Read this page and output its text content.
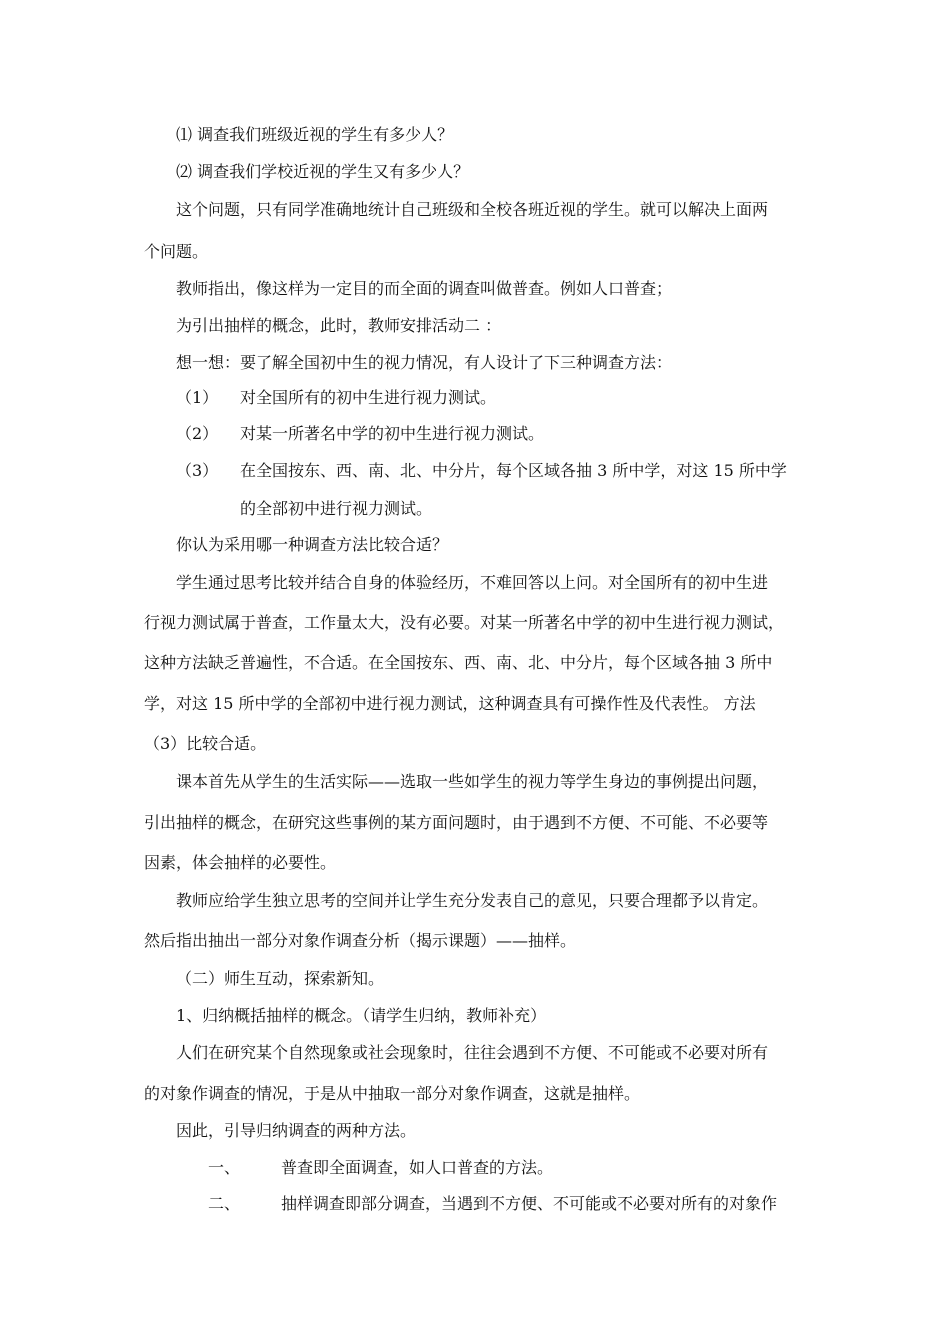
⑴ 调查我们班级近视的学生有多少人？
⑵ 调查我们学校近视的学生又有多少人？
这个问题，只有同学准确地统计自己班级和全校各班近视的学生。就可以解决上面两
个问题。
教师指出，像这样为一定目的而全面的调查叫做普查。例如人口普查；
为引出抽样的概念，此时，教师安排活动二 ：
想一想：要了解全国初中生的视力情况，有人设计了下三种调查方法：
（1） 对全国所有的初中生进行视力测试。
（2） 对某一所著名中学的初中生进行视力测试。
（3） 在全国按东、西、南、北、中分片，每个区域各抽 3 所中学，对这 15 所中学
的全部初中进行视力测试。
你认为采用哪一种调查方法比较合适？
学生通过思考比较并结合自身的体验经历，不难回答以上问。对全国所有的初中生进
行视力测试属于普查，工作量太大，没有必要。对某一所著名中学的初中生进行视力测试，
这种方法缺乏普遍性，不合适。在全国按东、西、南、北、中分片，每个区域各抽 3 所中
学，对这 15 所中学的全部初中进行视力测试，这种调查具有可操作性及代表性。 方法
（3）比较合适。
课本首先从学生的生活实际——选取一些如学生的视力等学生身边的事例提出问题，
引出抽样的概念，在研究这些事例的某方面问题时，由于遇到不方便、不可能、不必要等
因素，体会抽样的必要性。
教师应给学生独立思考的空间并让学生充分发表自己的意见，只要合理都予以肯定。
然后指出抽出一部分对象作调查分析（揭示课题）——抽样。
（二）师生互动，探索新知。
1、归纳概括抽样的概念。（请学生归纳，教师补充）
人们在研究某个自然现象或社会现象时，往往会遇到不方便、不可能或不必要对所有
的对象作调查的情况，于是从中抽取一部分对象作调查，这就是抽样。
因此，引导归纳调查的两种方法。
一、	普查即全面调查，如人口普查的方法。
二、	抽样调查即部分调查，当遇到不方便、不可能或不必要对所有的对象作
